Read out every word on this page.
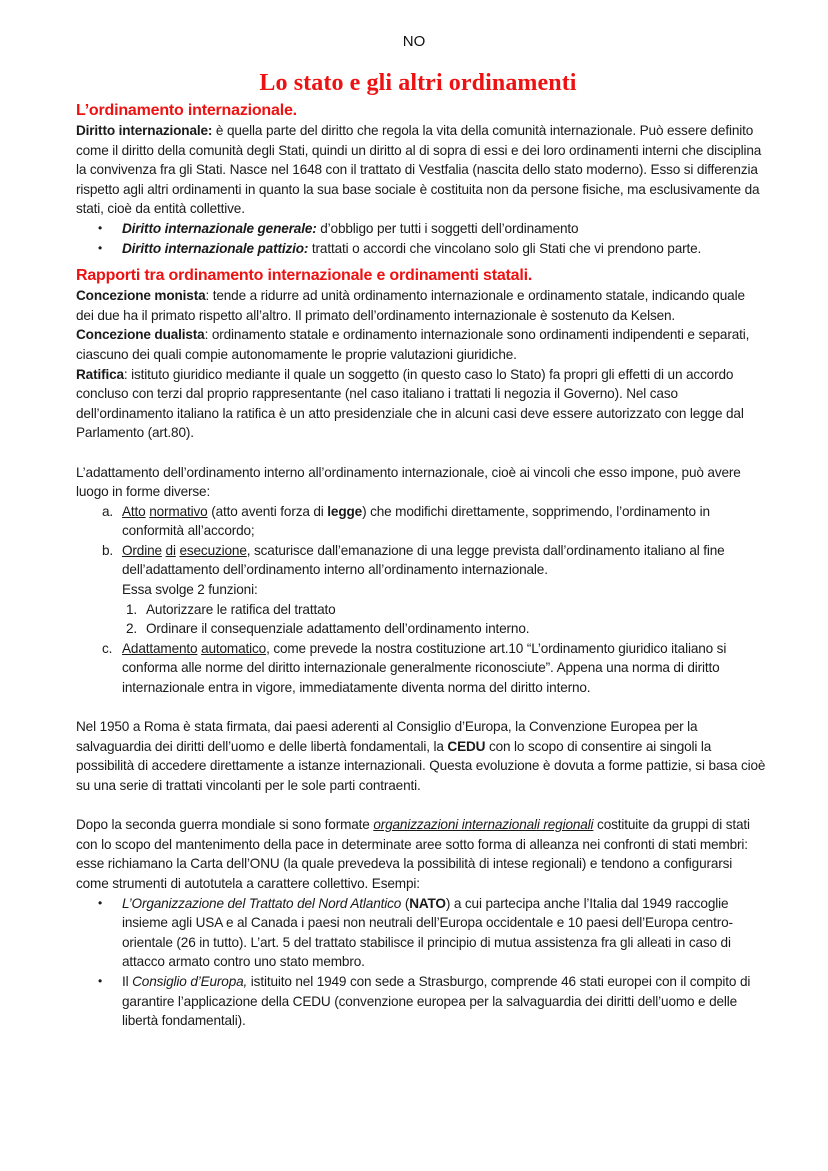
NO
Lo stato e gli altri ordinamenti
L’ordinamento internazionale.

Diritto internazionale: è quella parte del diritto che regola la vita della comunità internazionale. Può essere definito come il diritto della comunità degli Stati, quindi un diritto al di sopra di essi e dei loro ordinamenti interni che disciplina la convivenza fra gli Stati. Nasce nel 1648 con il trattato di Vestfalia (nascita dello stato moderno). Esso si differenzia rispetto agli altri ordinamenti in quanto la sua base sociale è costituita non da persone fisiche, ma esclusivamente da stati, cioè da entità collettive.

• Diritto internazionale generale: d’obbligo per tutti i soggetti dell’ordinamento
• Diritto internazionale pattizio: trattati o accordi che vincolano solo gli Stati che vi prendono parte.
Rapporti tra ordinamento internazionale e ordinamenti statali.

Concezione monista: tende a ridurre ad unità ordinamento internazionale e ordinamento statale, indicando quale dei due ha il primato rispetto all’altro. Il primato dell’ordinamento internazionale è sostenuto da Kelsen.

Concezione dualista: ordinamento statale e ordinamento internazionale sono ordinamenti indipendenti e separati, ciascuno dei quali compie autonomamente le proprie valutazioni giuridiche.

Ratifica: istituto giuridico mediante il quale un soggetto (in questo caso lo Stato) fa propri gli effetti di un accordo concluso con terzi dal proprio rappresentante (nel caso italiano i trattati li negozia il Governo). Nel caso dell’ordinamento italiano la ratifica è un atto presidenziale che in alcuni casi deve essere autorizzato con legge dal Parlamento (art.80).

L’adattamento dell’ordinamento interno all’ordinamento internazionale, cioè ai vincoli che esso impone, può avere luogo in forme diverse:

a. Atto normativo (atto aventi forza di legge) che modifichi direttamente, sopprimendo, l’ordinamento in conformità all’accordo;
b. Ordine di esecuzione, scaturisce dall’emanazione di una legge prevista dall’ordinamento italiano al fine dell’adattamento dell’ordinamento interno all’ordinamento internazionale.
Essa svolge 2 funzioni:
1. Autorizzare le ratifica del trattato
2. Ordinare il consequenziale adattamento dell’ordinamento interno.
c. Adattamento automatico, come prevede la nostra costituzione art.10 “L’ordinamento giuridico italiano si conforma alle norme del diritto internazionale generalmente riconosciute”. Appena una norma di diritto internazionale entra in vigore, immediatamente diventa norma del diritto interno.

Nel 1950 a Roma è stata firmata, dai paesi aderenti al Consiglio d’Europa, la Convenzione Europea per la salvaguardia dei diritti dell’uomo e delle libertà fondamentali, la CEDU con lo scopo di consentire ai singoli la possibilità di accedere direttamente a istanze internazionali. Questa evoluzione è dovuta a forme pattizie, si basa cioè su una serie di trattati vincolanti per le sole parti contraenti.

Dopo la seconda guerra mondiale si sono formate organizzazioni internazionali regionali costituite da gruppi di stati con lo scopo del mantenimento della pace in determinate aree sotto forma di alleanza nei confronti di stati membri: esse richiamano la Carta dell’ONU (la quale prevedeva la possibilità di intese regionali) e tendono a configurarsi come strumenti di autotutela a carattere collettivo. Esempi:

• L’Organizzazione del Trattato del Nord Atlantico (NATO) a cui partecipa anche l’Italia dal 1949 raccoglie insieme agli USA e al Canada i paesi non neutrali dell’Europa occidentale e 10 paesi dell’Europa centro-orientale (26 in tutto). L’art. 5 del trattato stabilisce il principio di mutua assistenza fra gli alleati in caso di attacco armato contro uno stato membro.
• Il Consiglio d’Europa, istituito nel 1949 con sede a Strasburgo, comprende 46 stati europei con il compito di garantire l’applicazione della CEDU (convenzione europea per la salvaguardia dei diritti dell’uomo e delle libertà fondamentali).
